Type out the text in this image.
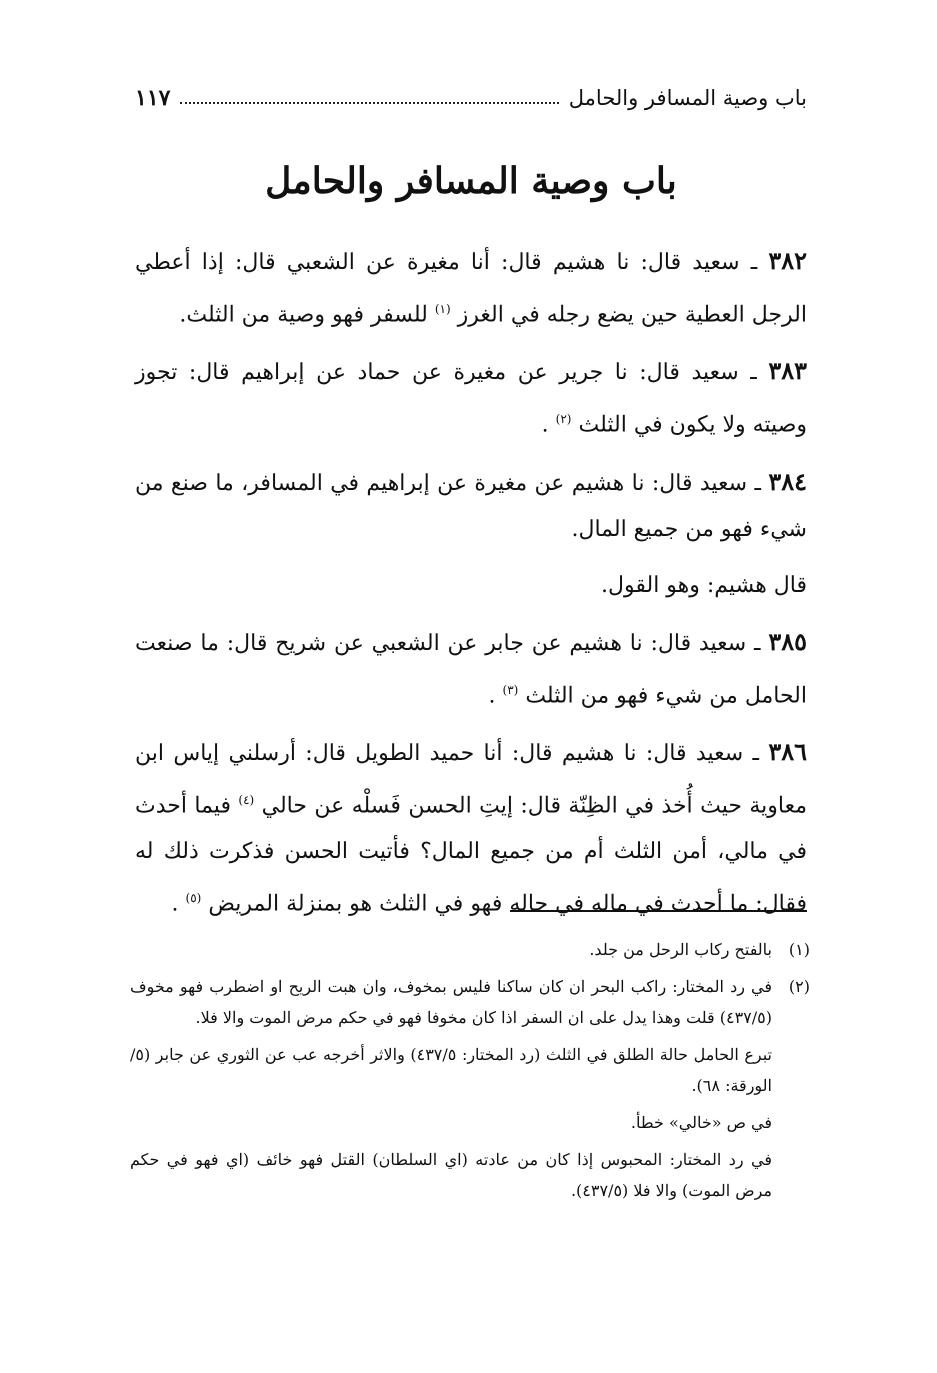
باب وصية المسافر والحامل
١١٧
باب وصية المسافر والحامل

٣٨٢ ـ سعيد قال: نا هشيم قال: أنا مغيرة عن الشعبي قال: إذا أعطي الرجل العطية حين يضع رجله في الغرز $^{(١)}$ للسفر فهو وصية من الثلث.

٣٨٣ ـ سعيد قال: نا جرير عن مغيرة عن حماد عن إبراهيم قال: تجوز وصيته ولا يكون في الثلث $^{(٢)}$ .

٣٨٤ ـ سعيد قال: نا هشيم عن مغيرة عن إبراهيم في المسافر، ما صنع من شيء فهو من جميع المال.

قال هشيم: وهو القول.

٣٨٥ ـ سعيد قال: نا هشيم عن جابر عن الشعبي عن شريح قال: ما صنعت الحامل من شيء فهو من الثلث $^{(٣)}$ .

٣٨٦ ـ سعيد قال: نا هشيم قال: أنا حميد الطويل قال: أرسلني إياس ابن معاوية حيث أُخذ في الظِنّة قال: إيتِ الحسن فَسلْه عن حالي $^{(٤)}$ فيما أحدث في مالي، أمن الثلث أم من جميع المال؟ فأتيت الحسن فذكرت ذلك له فقال: ما أحدث في ماله في حاله فهو في الثلث هو بمنزلة المريض $^{(٥)}$ .

(١)
بالفتح ركاب الرحل من جلد.
(٢)
في رد المختار: راكب البحر ان كان ساكنا فليس بمخوف، وان هبت الريح او اضطرب فهو مخوف (٤٣٧/٥) قلت وهذا يدل على ان السفر اذا كان مخوفا فهو في حكم مرض الموت والا فلا.
تبرع الحامل حالة الطلق في الثلث (رد المختار: ٤٣٧/٥) والاثر أخرجه عب عن الثوري عن جابر (٥/ الورقة: ٦٨).
في ص «خالي» خطأ.
في رد المختار: المحبوس إذا كان من عادته (اي السلطان) القتل فهو خائف (اي فهو في حكم مرض الموت) والا فلا (٤٣٧/٥).
